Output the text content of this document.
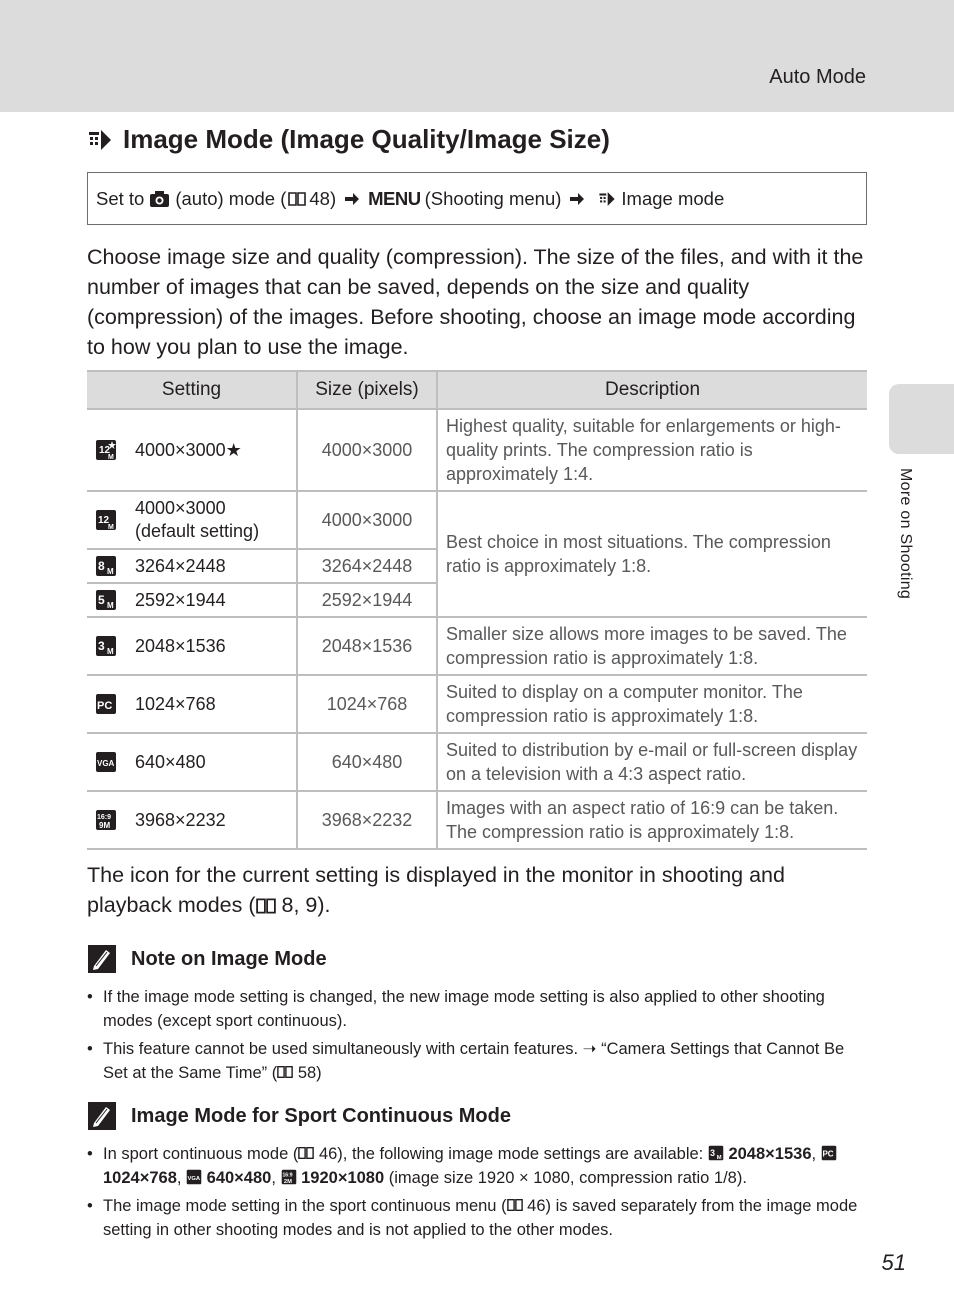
Auto Mode
More on Shooting
Image Mode (Image Quality/Image Size)
Set to (auto) mode ( 48) MENU (Shooting menu)	Image mode
Choose image size and quality (compression). The size of the files, and with it the number of images that can be saved, depends on the size and quality (compression) of the images. Before shooting, choose an image mode according to how you plan to use the image.
Setting	Size (pixels)	Description

12
M 4000×3000★	4000×3000	Highest quality, suitable for enlargements or high-quality prints. The compression ratio is approximately 1:4.

12
M
4000×3000
(default setting)	4000×3000	Best choice in most situations. The compression ratio is approximately 1:8.

8 M 3264×2448	3264×2448	

5 M 2592×1944	2592×1944	

3 M 2048×1536	2048×1536	Smaller size allows more images to be saved. The compression ratio is approximately 1:8.

PC 1024×768	1024×768	Suited to display on a computer monitor. The compression ratio is approximately 1:8.

VGA 640×480	640×480	Suited to distribution by e-mail or full-screen display on a television with a 4:3 aspect ratio.

16:9
9M 3968×2232	3968×2232	Images with an aspect ratio of 16:9 can be taken. The compression ratio is approximately 1:8.
The icon for the current setting is displayed in the monitor in shooting and playback modes ( 8, 9).
Note on Image Mode
• If the image mode setting is changed, the new image mode setting is also applied to other shooting modes (except sport continuous).
• This feature cannot be used simultaneously with certain features. ➝ “Camera Settings that Cannot Be Set at the Same Time” ( 58)
Image Mode for Sport Continuous Mode
• In sport continuous mode ( 46), the following image mode settings are available: 3 M 2048×1536, PC
1024×768, VGA 640×480, 16:9
2M 1920×1080 (image size 1920 × 1080, compression ratio 1/8).
• The image mode setting in the sport continuous menu ( 46) is saved separately from the image mode setting in other shooting modes and is not applied to the other modes.
51
